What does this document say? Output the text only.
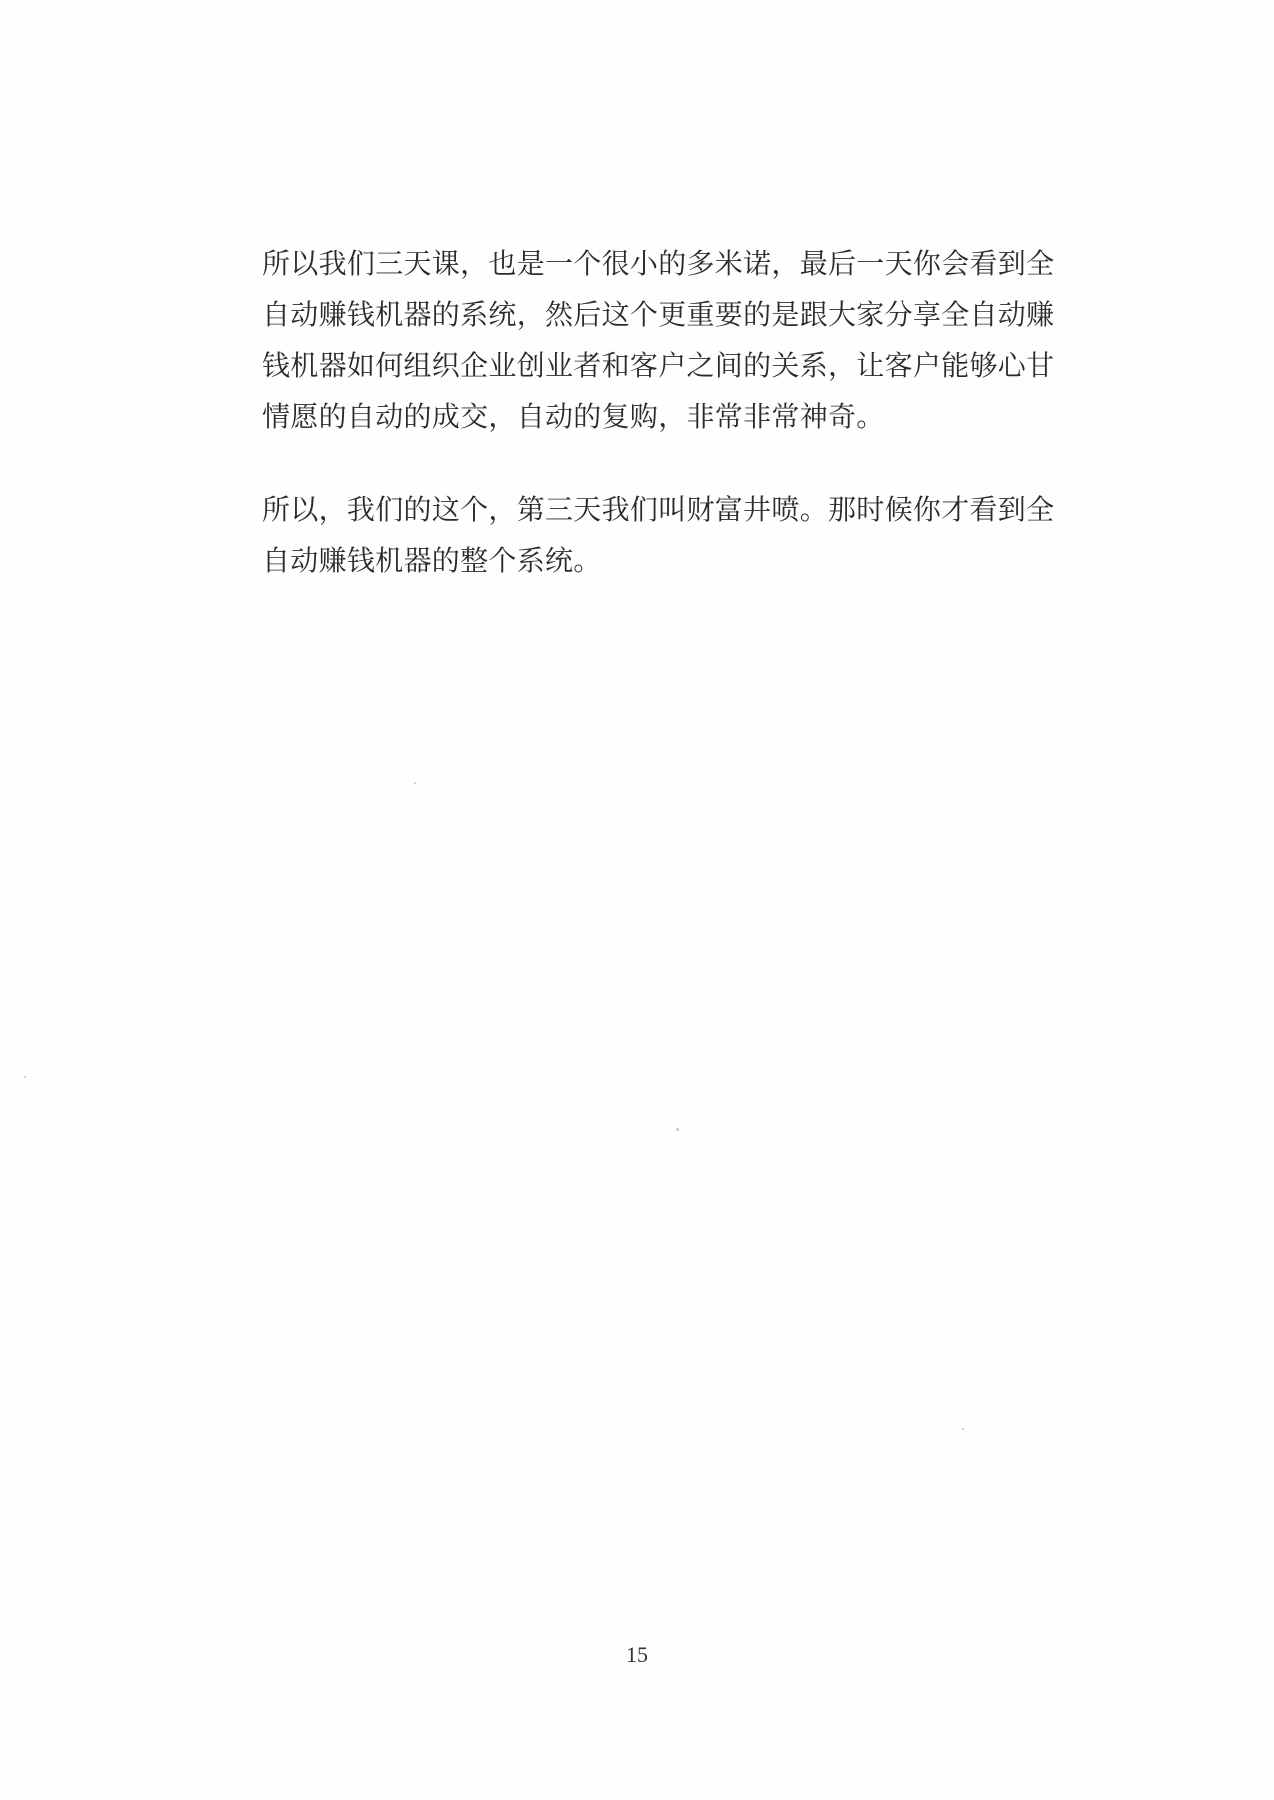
所以我们三天课，也是一个很小的多米诺，最后一天你会看到全
自动赚钱机器的系统，然后这个更重要的是跟大家分享全自动赚
钱机器如何组织企业创业者和客户之间的关系，让客户能够心甘
情愿的自动的成交，自动的复购，非常非常神奇。

所以，我们的这个，第三天我们叫财富井喷。那时候你才看到全
自动赚钱机器的整个系统。

15
